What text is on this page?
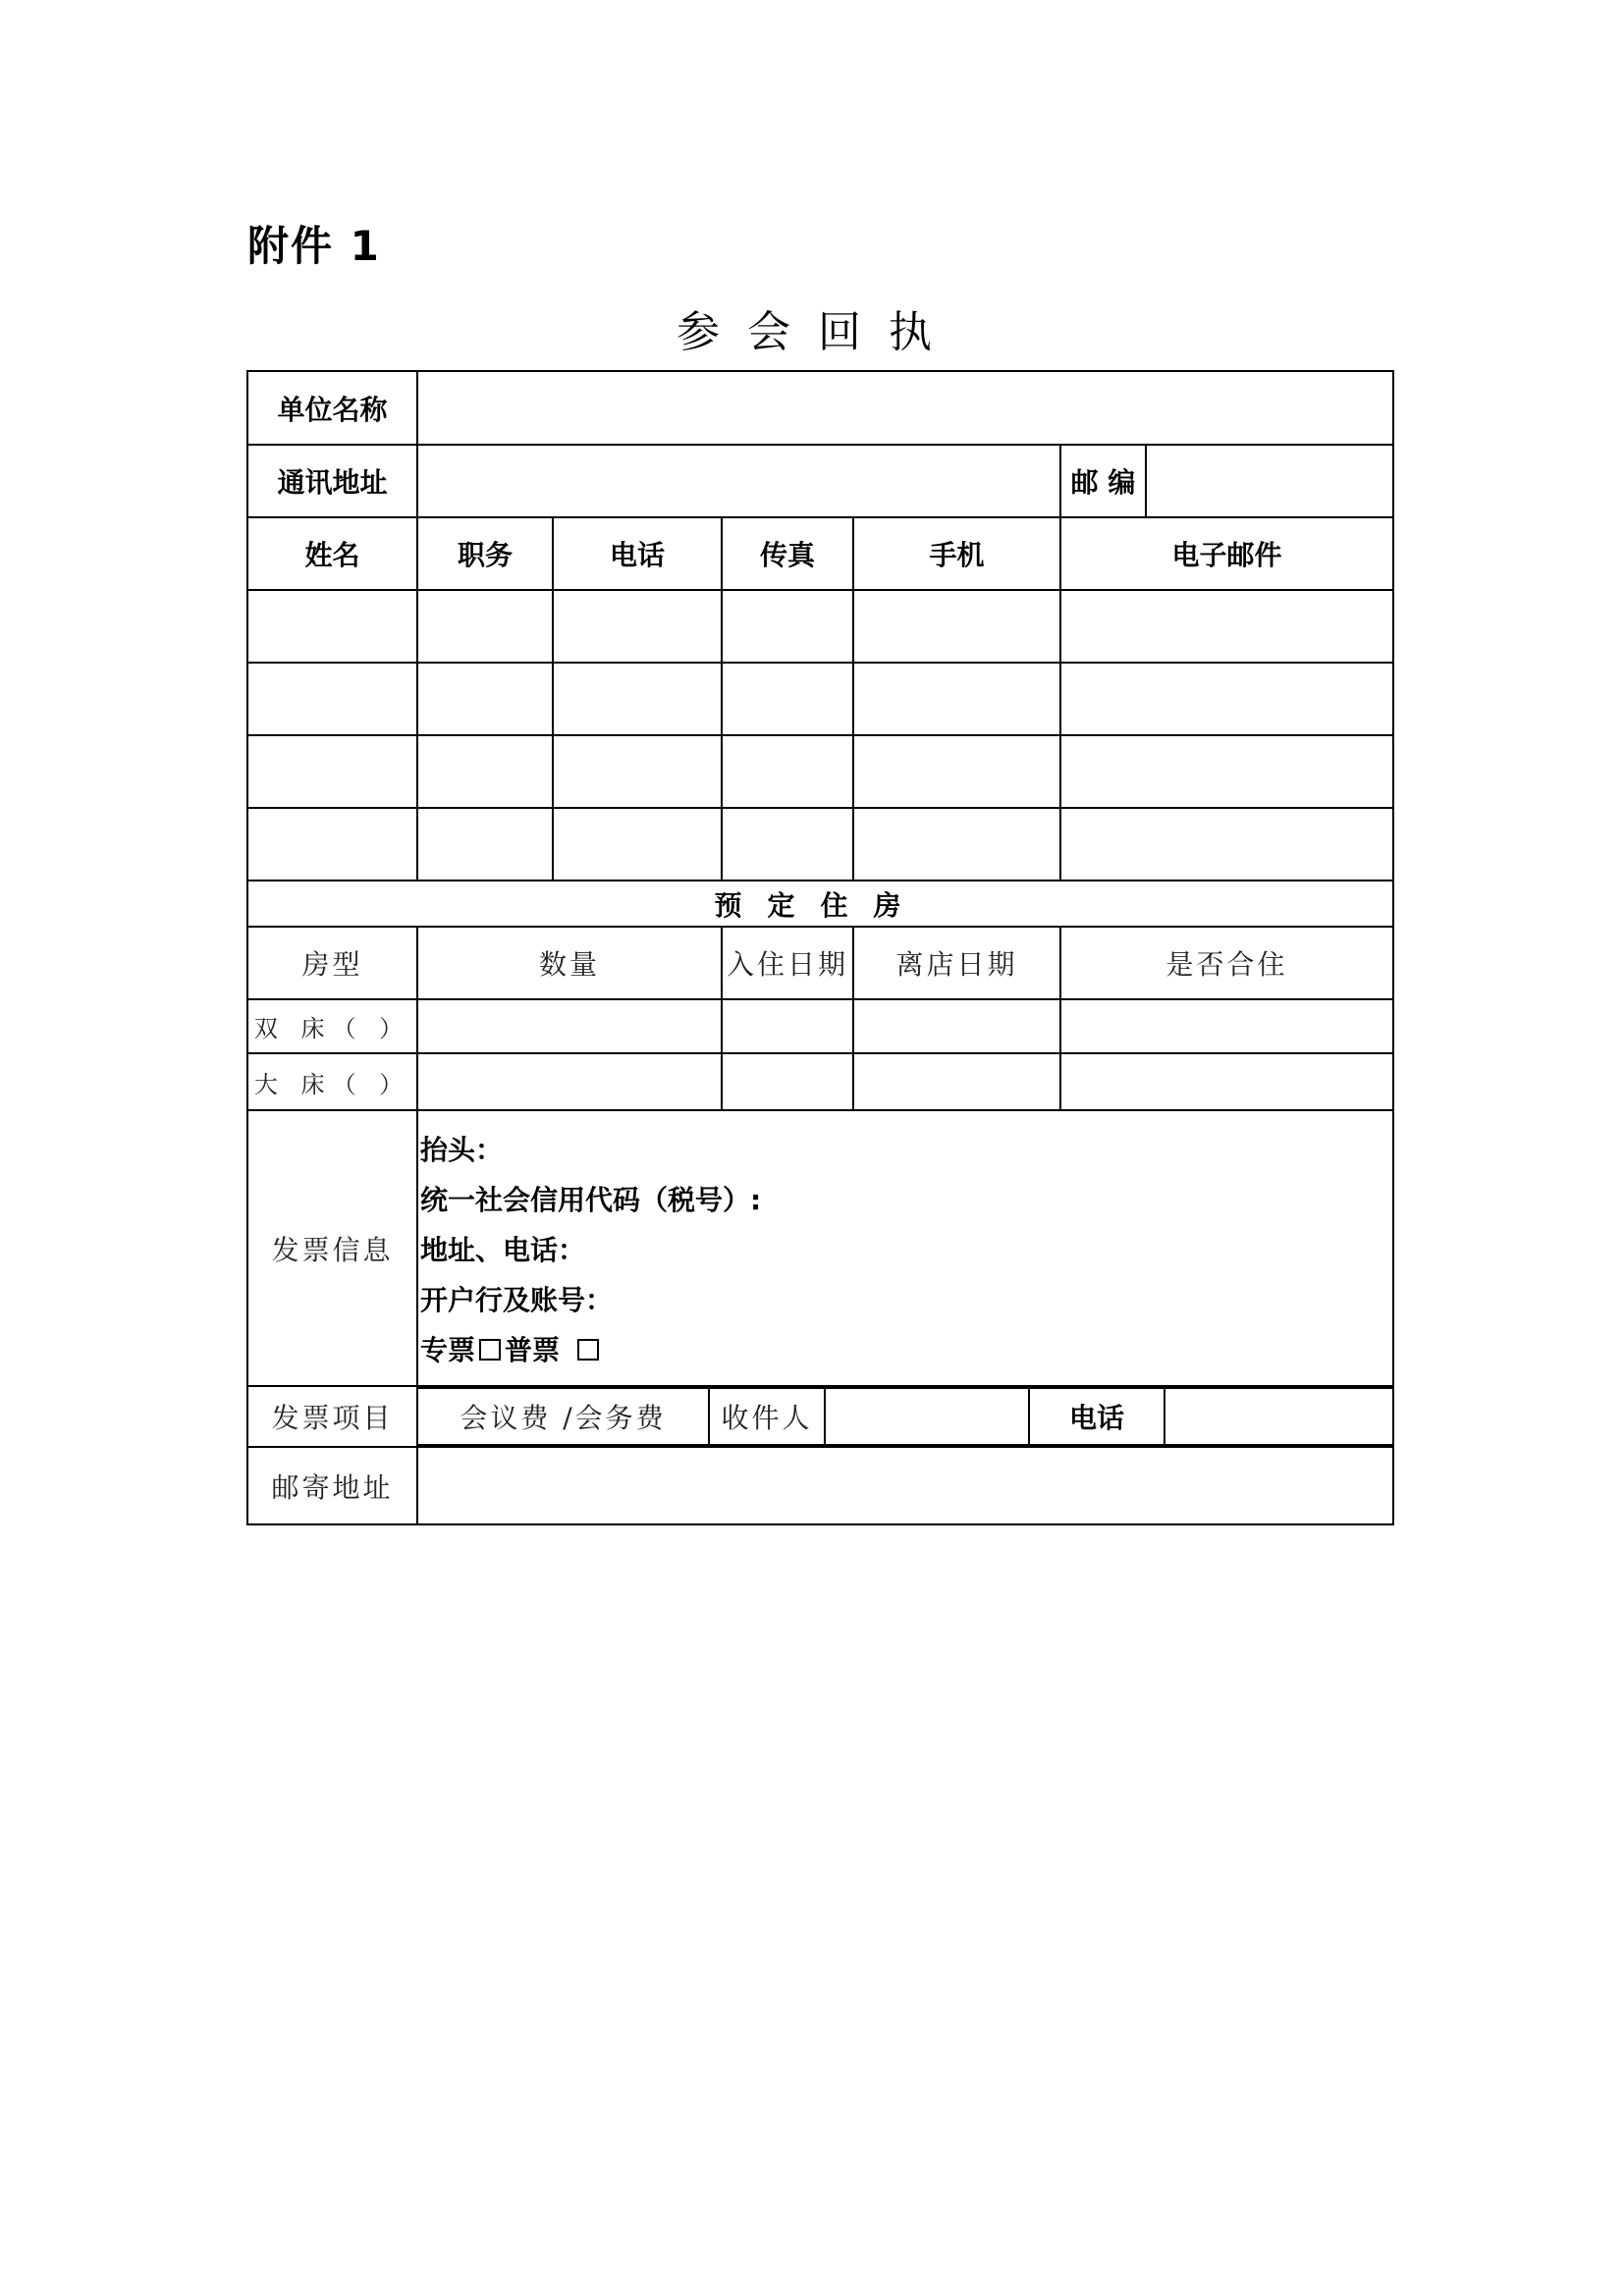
附件 1
参会回执
单位名称	
通讯地址		邮 编	
姓名	职务	电话	传真	手机	电子邮件

预定住房
房型	数量	入住日期	离店日期	是否合住
双 床（ ）				
大 床（ ）				
发票信息	
抬头：
统一社会信用代码（税号）:
地址、电话：
开户行及账号：
专票 普票

发票项目	会议费 /会务费	收件人		电话	

邮寄地址	
